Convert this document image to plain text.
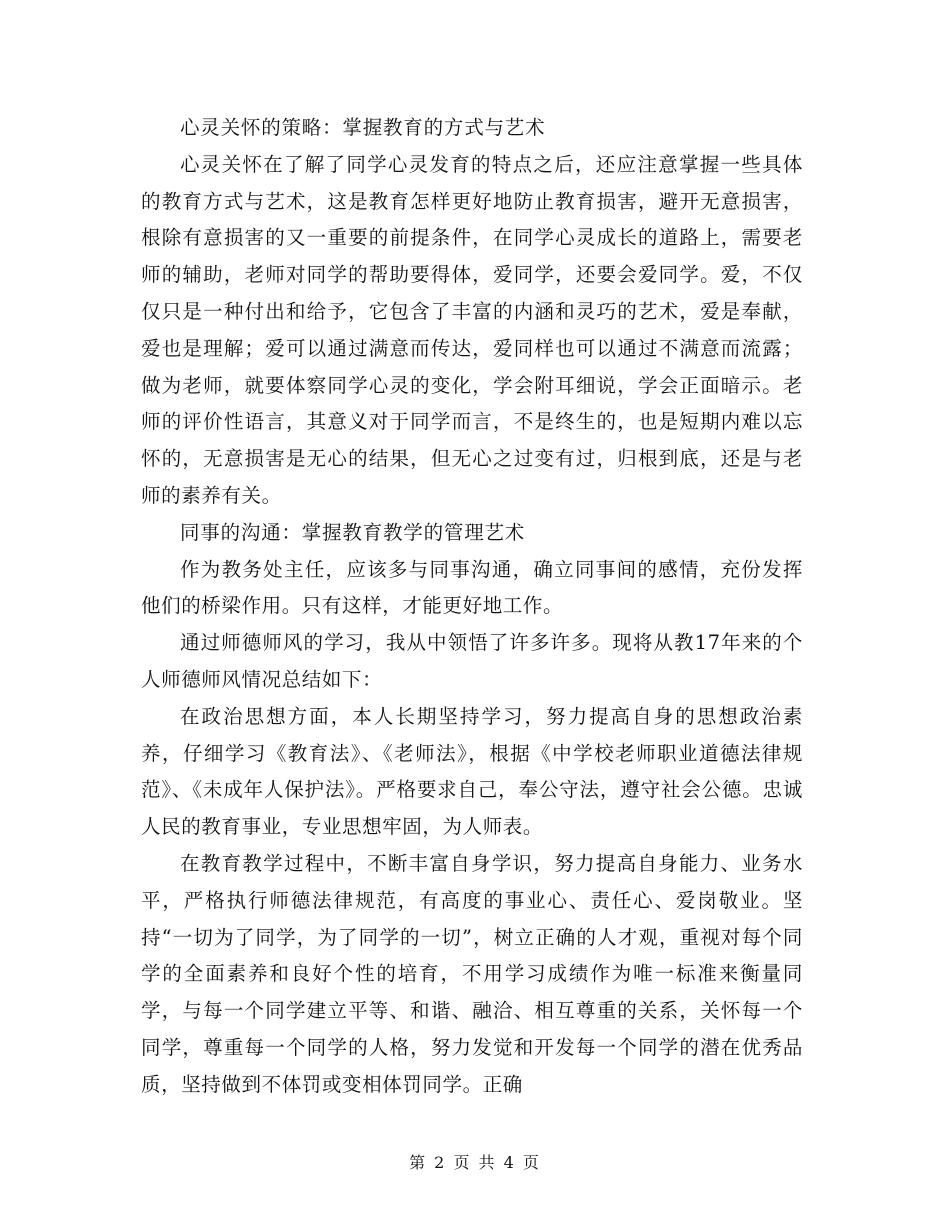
心灵关怀的策略：掌握教育的方式与艺术

心灵关怀在了解了同学心灵发育的特点之后，还应注意掌握一些具体的教育方式与艺术，这是教育怎样更好地防止教育损害，避开无意损害，根除有意损害的又一重要的前提条件，在同学心灵成长的道路上，需要老师的辅助，老师对同学的帮助要得体，爱同学，还要会爱同学。爱，不仅仅只是一种付出和给予，它包含了丰富的内涵和灵巧的艺术，爱是奉献，爱也是理解；爱可以通过满意而传达，爱同样也可以通过不满意而流露；做为老师，就要体察同学心灵的变化，学会附耳细说，学会正面暗示。老师的评价性语言，其意义对于同学而言，不是终生的，也是短期内难以忘怀的，无意损害是无心的结果，但无心之过变有过，归根到底，还是与老师的素养有关。

同事的沟通：掌握教育教学的管理艺术

作为教务处主任，应该多与同事沟通，确立同事间的感情，充份发挥他们的桥梁作用。只有这样，才能更好地工作。

通过师德师风的学习，我从中领悟了许多许多。现将从教17年来的个人师德师风情况总结如下：

在政治思想方面，本人长期坚持学习，努力提高自身的思想政治素养，仔细学习《教育法》、《老师法》，根据《中学校老师职业道德法律规范》、《未成年人保护法》。严格要求自己，奉公守法，遵守社会公德。忠诚人民的教育事业，专业思想牢固，为人师表。

在教育教学过程中，不断丰富自身学识，努力提高自身能力、业务水平，严格执行师德法律规范，有高度的事业心、责任心、爱岗敬业。坚持“一切为了同学，为了同学的一切”，树立正确的人才观，重视对每个同学的全面素养和良好个性的培育，不用学习成绩作为唯一标准来衡量同学，与每一个同学建立平等、和谐、融洽、相互尊重的关系，关怀每一个同学，尊重每一个同学的人格，努力发觉和开发每一个同学的潜在优秀品质，坚持做到不体罚或变相体罚同学。正确

第 2 页 共 4 页
